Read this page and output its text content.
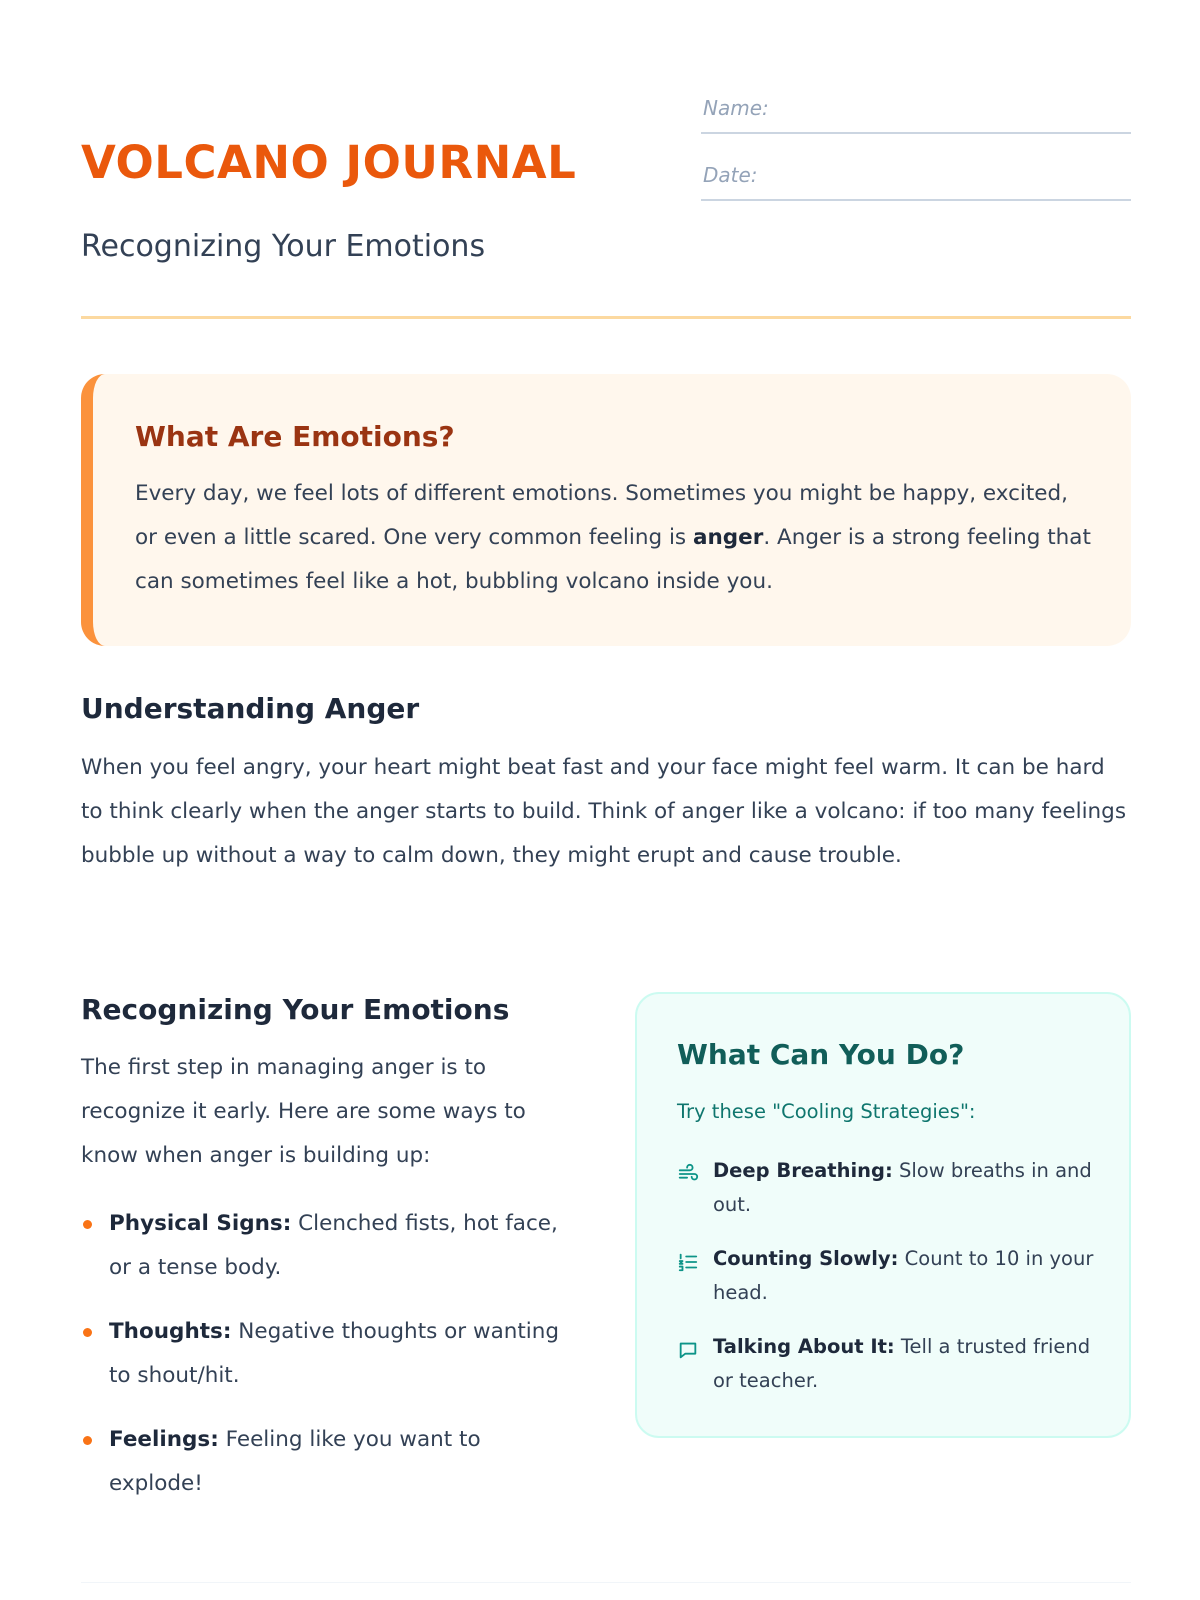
VOLCANO JOURNAL
Recognizing Your Emotions
Name:
Date:
What Are Emotions?

Every day, we feel lots of different emotions. Sometimes you might be happy, excited, or even a little scared. One very common feeling is anger. Anger is a strong feeling that can sometimes feel like a hot, bubbling volcano inside you.

Understanding Anger

When you feel angry, your heart might beat fast and your face might feel warm. It can be hard to think clearly when the anger starts to build. Think of anger like a volcano: if too many feelings bubble up without a way to calm down, they might erupt and cause trouble.

Recognizing Your Emotions

The first step in managing anger is to recognize it early. Here are some ways to know when anger is building up:

Physical Signs: Clenched fists, hot face, or a tense body.
Thoughts: Negative thoughts or wanting to shout/hit.
Feelings: Feeling like you want to explode!
What Can You Do?

Try these "Cooling Strategies":

Deep Breathing: Slow breaths in and out.
Counting Slowly: Count to 10 in your head.
Talking About It: Tell a trusted friend or teacher.
